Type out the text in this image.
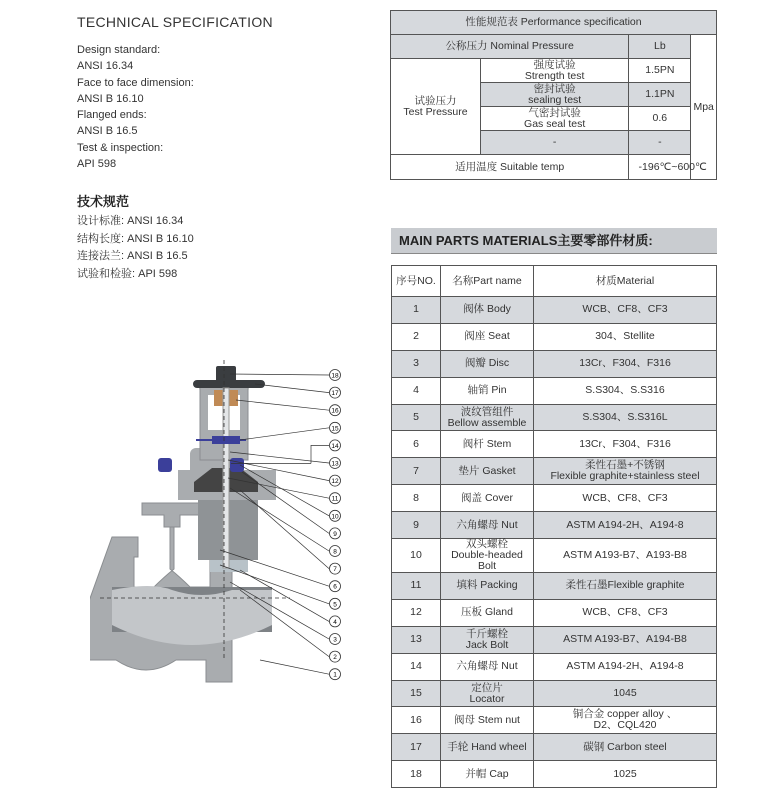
TECHNICAL SPECIFICATION
Design standard:
ANSI 16.34
Face to face dimension:
ANSI B 16.10
Flanged ends:
ANSI B 16.5
Test & inspection:
API 598
技术规范
设计标准: ANSI 16.34
结构长度: ANSI B 16.10
连接法兰: ANSI B 16.5
试验和检验: API 598
性能规范表 Performance specification			
公称压力 Nominal Pressure		Lb	Mpa
试验压力
Test Pressure	强度试验
Strength test	1.5PN	
	密封试验
sealing test	1.1PN	
	气密封试验
Gas seal test	0.6	
	-	-	
适用温度 Suitable temp		-196℃~600℃	
MAIN PARTS MATERIALS主要零部件材质:
序号NO.	名称Part name	材质Material
1	阀体 Body	WCB、CF8、CF3
2	阀座 Seat	304、Stellite
3	阀瓣 Disc	13Cr、F304、F316
4	轴销 Pin	S.S304、S.S316
5	波纹管组件
Bellow assemble	S.S304、S.S316L
6	阀杆 Stem	13Cr、F304、F316
7	垫片 Gasket	柔性石墨+不锈钢
Flexible graphite+stainless steel
8	阀盖 Cover	WCB、CF8、CF3
9	六角螺母 Nut	ASTM A194-2H、A194-8
10	双头螺栓
Double-headed Bolt	ASTM A193-B7、A193-B8
11	填料 Packing	柔性石墨Flexible graphite
12	压板 Gland	WCB、CF8、CF3
13	千斤螺栓
Jack Bolt	ASTM A193-B7、A194-B8
14	六角螺母 Nut	ASTM A194-2H、A194-8
15	定位片
Locator	1045
16	阀母 Stem nut	铜合金 copper alloy 、
D2、CQL420
17	手轮 Hand wheel	碳钢 Carbon steel
18	并帽 Cap	1025
18
17
16
15
14
13
12
11
10
9
8
7
6
5
4
3
2
1
